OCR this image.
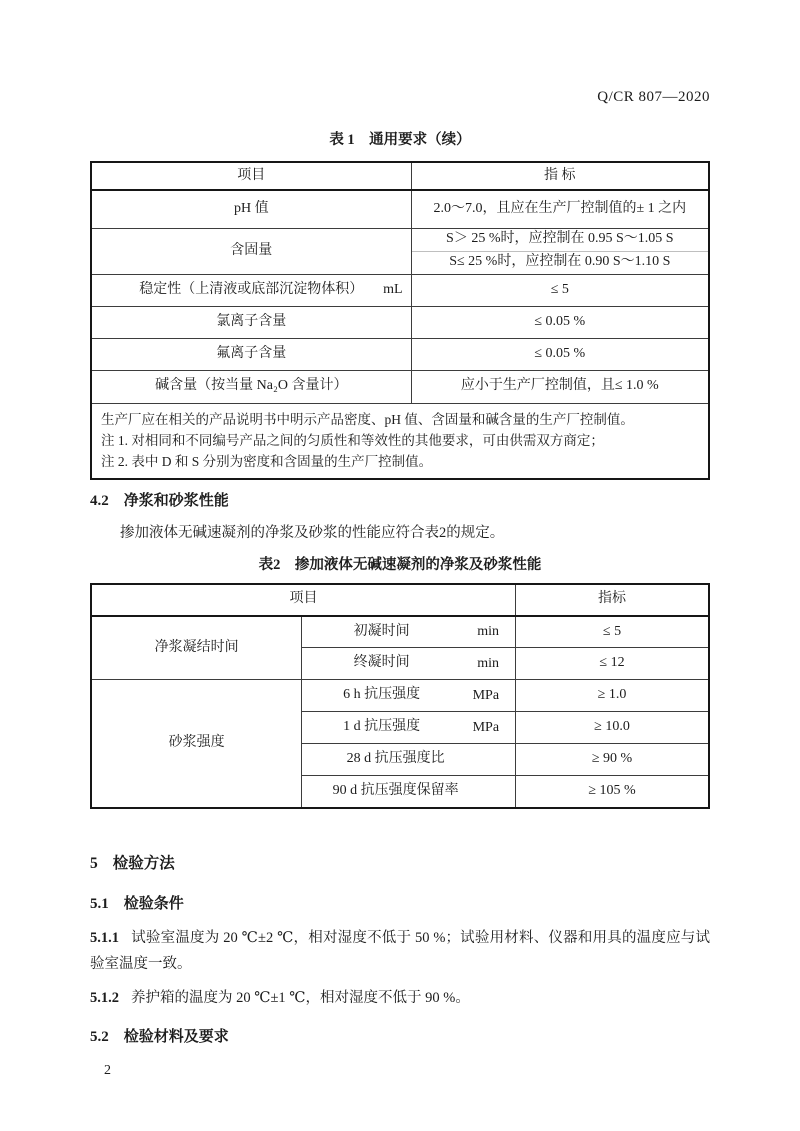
Q/CR 807—2020
表 1　通用要求（续）
项目	指 标
pH 值	2.0～7.0，且应在生产厂控制值的± 1 之内
含固量	S＞ 25 %时，应控制在 0.95 S～1.05 S
	S≤ 25 %时，应控制在 0.90 S～1.10 S
稳定性（上清液或底部沉淀物体积） mL	≤ 5
氯离子含量	≤ 0.05 %
氟离子含量	≤ 0.05 %
碱含量（按当量 Na₂O 含量计）	应小于生产厂控制值，且≤ 1.0 %

生产厂应在相关的产品说明书中明示产品密度、pH 值、含固量和碱含量的生产厂控制值。
注 1. 对相同和不同编号产品之间的匀质性和等效性的其他要求，可由供需双方商定；
注 2. 表中 D 和 S 分别为密度和含固量的生产厂控制值。	
4.2 净浆和砂浆性能

掺加液体无碱速凝剂的净浆及砂浆的性能应符合表2的规定。

表2　掺加液体无碱速凝剂的净浆及砂浆性能
项目		指标
净浆凝结时间	初凝时间 min	≤ 5
	终凝时间 min	≤ 12
砂浆强度	6 h 抗压强度 MPa	≥ 1.0
	1 d 抗压强度 MPa	≥ 10.0
	28 d 抗压强度比	≥ 90 %
	90 d 抗压强度保留率	≥ 105 %
5 检验方法
5.1 检验条件

5.1.1 试验室温度为 20 ℃±2 ℃，相对湿度不低于 50 %；试验用材料、仪器和用具的温度应与试验室温度一致。

5.1.2 养护箱的温度为 20 ℃±1 ℃，相对湿度不低于 90 %。

5.2 检验材料及要求
2
